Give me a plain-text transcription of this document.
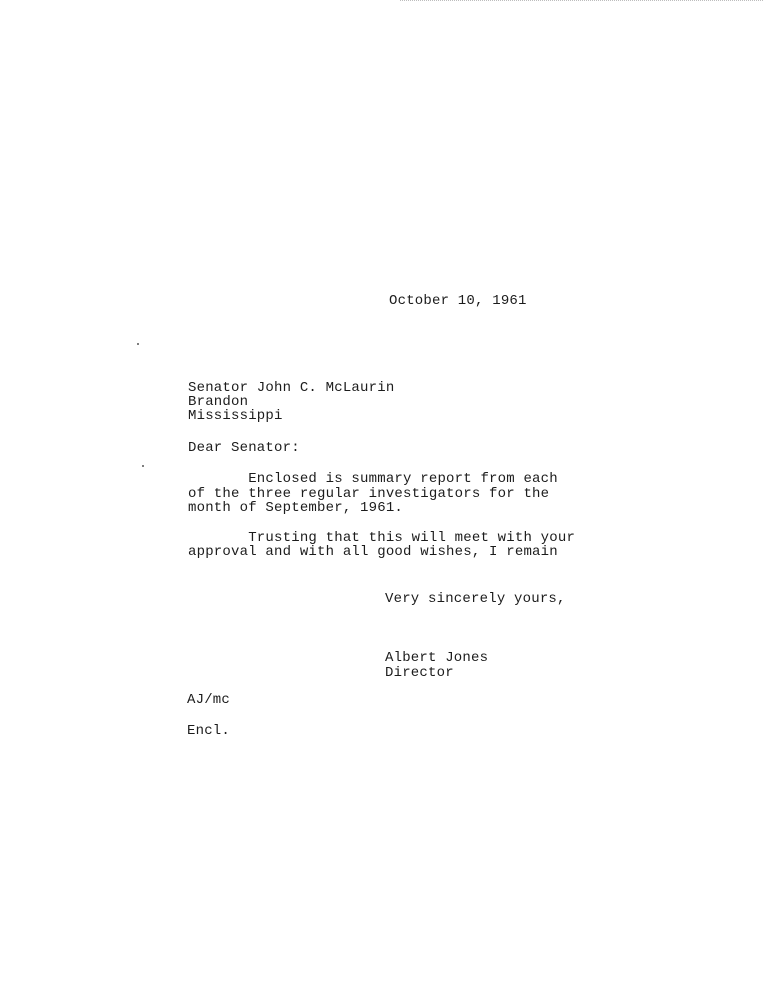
October 10, 1961
Senator John C. McLaurin
Brandon
Mississippi
Dear Senator:
Enclosed is summary report from each
of the three regular investigators for the
month of September, 1961.
Trusting that this will meet with your
approval and with all good wishes, I remain
Very sincerely yours,
Albert Jones
Director
AJ/mc
Encl.
